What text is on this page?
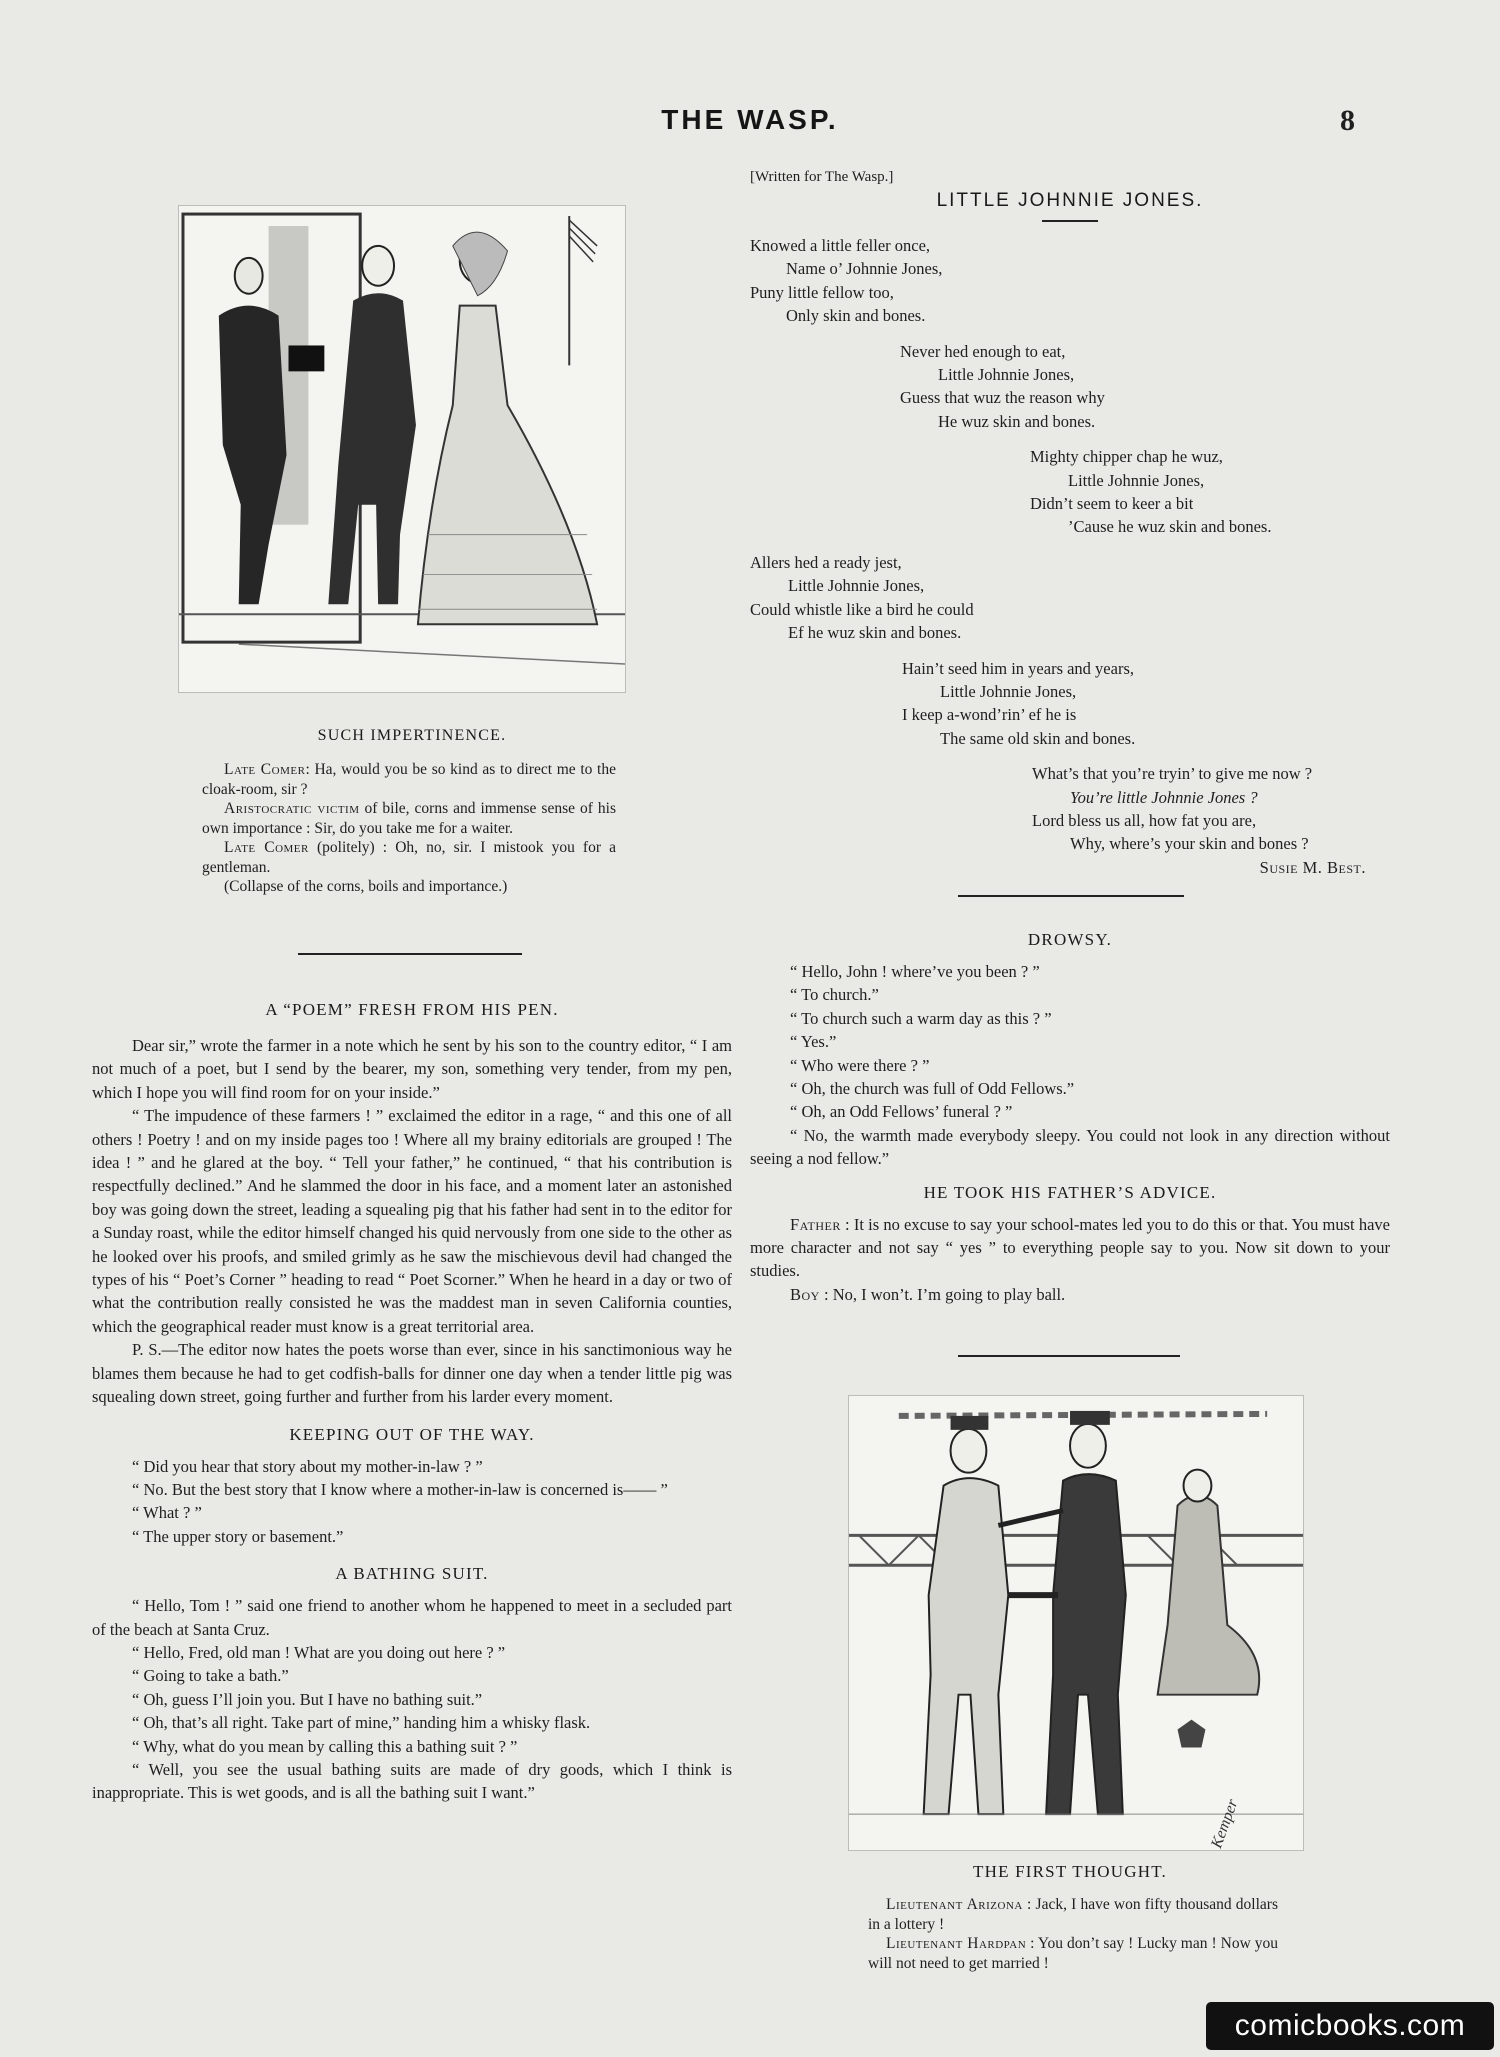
THE WASP.	8
SUCH IMPERTINENCE.

Late Comer: Ha, would you be so kind as to direct me to the cloak-room, sir ?

Aristocratic victim of bile, corns and immense sense of his own importance : Sir, do you take me for a waiter.

Late Comer (politely) : Oh, no, sir. I mistook you for a gentleman.

(Collapse of the corns, boils and importance.)

A “POEM” FRESH FROM HIS PEN.

Dear sir,” wrote the farmer in a note which he sent by his son to the country editor, “ I am not much of a poet, but I send by the bearer, my son, something very tender, from my pen, which I hope you will find room for on your inside.”

“ The impudence of these farmers ! ” exclaimed the editor in a rage, “ and this one of all others ! Poetry ! and on my inside pages too ! Where all my brainy editorials are grouped ! The idea ! ” and he glared at the boy. “ Tell your father,” he continued, “ that his contribution is respectfully declined.” And he slammed the door in his face, and a moment later an astonished boy was going down the street, leading a squealing pig that his father had sent in to the editor for a Sunday roast, while the editor himself changed his quid nervously from one side to the other as he looked over his proofs, and smiled grimly as he saw the mischievous devil had changed the types of his “ Poet’s Corner ” heading to read “ Poet Scorner.” When he heard in a day or two of what the contribution really consisted he was the maddest man in seven California counties, which the geographical reader must know is a great territorial area.

P. S.—The editor now hates the poets worse than ever, since in his sanctimonious way he blames them because he had to get codfish-balls for dinner one day when a tender little pig was squealing down street, going further and further from his larder every moment.

KEEPING OUT OF THE WAY.

“ Did you hear that story about my mother-in-law ? ”

“ No. But the best story that I know where a mother-in-law is concerned is—— ”

“ What ? ”

“ The upper story or basement.”

A BATHING SUIT.

“ Hello, Tom ! ” said one friend to another whom he happened to meet in a secluded part of the beach at Santa Cruz.

“ Hello, Fred, old man ! What are you doing out here ? ”

“ Going to take a bath.”

“ Oh, guess I’ll join you. But I have no bathing suit.”

“ Oh, that’s all right. Take part of mine,” handing him a whisky flask.

“ Why, what do you mean by calling this a bathing suit ? ”

“ Well, you see the usual bathing suits are made of dry goods, which I think is inappropriate. This is wet goods, and is all the bathing suit I want.”

[Written for The Wasp.]
LITTLE JOHNNIE JONES.
Knowed a little feller once,
Name o’ Johnnie Jones,
Puny little fellow too,
Only skin and bones.
Never hed enough to eat,
Little Johnnie Jones,
Guess that wuz the reason why
He wuz skin and bones.
Mighty chipper chap he wuz,
Little Johnnie Jones,
Didn’t seem to keer a bit
’Cause he wuz skin and bones.
Allers hed a ready jest,
Little Johnnie Jones,
Could whistle like a bird he could
Ef he wuz skin and bones.
Hain’t seed him in years and years,
Little Johnnie Jones,
I keep a-wond’rin’ ef he is
The same old skin and bones.
What’s that you’re tryin’ to give me now ?
You’re little Johnnie Jones ?
Lord bless us all, how fat you are,
Why, where’s your skin and bones ?
Susie M. Best.
DROWSY.

“ Hello, John ! where’ve you been ? ”

“ To church.”

“ To church such a warm day as this ? ”

“ Yes.”

“ Who were there ? ”

“ Oh, the church was full of Odd Fellows.”

“ Oh, an Odd Fellows’ funeral ? ”

“ No, the warmth made everybody sleepy. You could not look in any direction without seeing a nod fellow.”

HE TOOK HIS FATHER’S ADVICE.

Father : It is no excuse to say your school-mates led you to do this or that. You must have more character and not say “ yes ” to everything people say to you. Now sit down to your studies.

Boy : No, I won’t. I’m going to play ball.

Kemper
THE FIRST THOUGHT.

Lieutenant Arizona : Jack, I have won fifty thousand dollars in a lottery !

Lieutenant Hardpan : You don’t say ! Lucky man ! Now you will not need to get married !

comicbooks.com
